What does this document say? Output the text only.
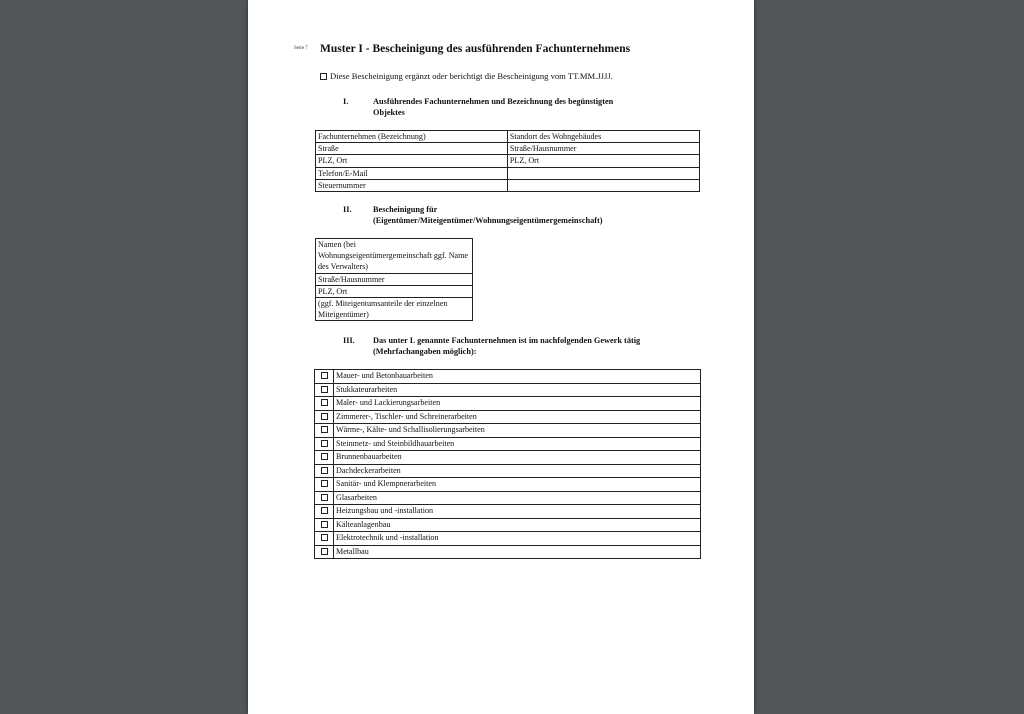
Seite 7 Muster I - Bescheinigung des ausführenden Fachunternehmens
Diese Bescheinigung ergänzt oder berichtigt die Bescheinigung vom TT.MM.JJJJ.
I.	Ausführendes Fachunternehmen und Bezeichnung des begünstigten
Objektes
Fachunternehmen (Bezeichnung)	Standort des Wohngebäudes
Straße	Straße/Hausnummer
PLZ, Ort	PLZ, Ort
Telefon/E-Mail	
Steuernummer	
II.	Bescheinigung für
(Eigentümer/Miteigentümer/Wohnungseigentümergemeinschaft)
Namen (bei Wohnungseigentümergemeinschaft ggf. Name des Verwalters)
Straße/Hausnummer
PLZ, Ort
(ggf. Miteigentumsanteile der einzelnen Miteigentümer)
III. Das unter I. genannte Fachunternehmen ist im nachfolgenden Gewerk tätig
(Mehrfachangaben möglich):
	Mauer- und Betonbauarbeiten
	Stukkateurarbeiten
	Maler- und Lackierungsarbeiten
	Zimmerer-, Tischler- und Schreinerarbeiten
	Wärme-, Kälte- und Schallisolierungsarbeiten
	Steinmetz- und Steinbildhauarbeiten
	Brunnenbauarbeiten
	Dachdeckerarbeiten
	Sanitär- und Klempnerarbeiten
	Glasarbeiten
	Heizungsbau und -installation
	Kälteanlagenbau
	Elektrotechnik und -installation
	Metallbau
